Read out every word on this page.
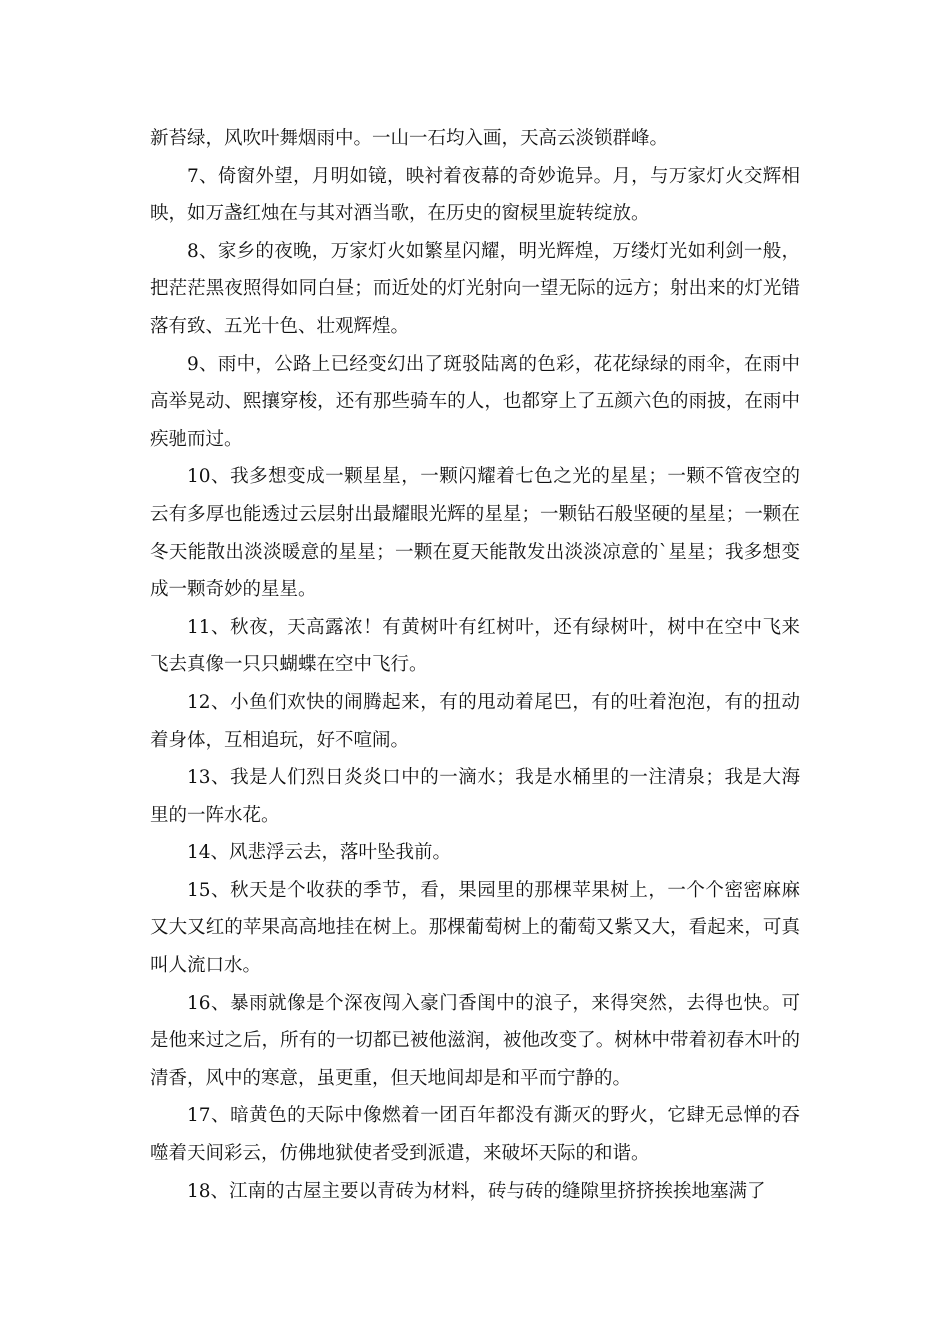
新苔绿，风吹叶舞烟雨中。一山一石均入画，天高云淡锁群峰。

7、倚窗外望，月明如镜，映衬着夜幕的奇妙诡异。月，与万家灯火交辉相映，如万盏红烛在与其对酒当歌，在历史的窗棂里旋转绽放。

8、家乡的夜晚，万家灯火如繁星闪耀，明光辉煌，万缕灯光如利剑一般，把茫茫黑夜照得如同白昼；而近处的灯光射向一望无际的远方；射出来的灯光错落有致、五光十色、壮观辉煌。

9、雨中，公路上已经变幻出了斑驳陆离的色彩，花花绿绿的雨伞，在雨中高举晃动、熙攘穿梭，还有那些骑车的人，也都穿上了五颜六色的雨披，在雨中疾驰而过。

10、我多想变成一颗星星，一颗闪耀着七色之光的星星；一颗不管夜空的云有多厚也能透过云层射出最耀眼光辉的星星；一颗钻石般坚硬的星星；一颗在冬天能散出淡淡暖意的星星；一颗在夏天能散发出淡淡凉意的`星星；我多想变成一颗奇妙的星星。

11、秋夜，天高露浓！有黄树叶有红树叶，还有绿树叶，树中在空中飞来飞去真像一只只蝴蝶在空中飞行。

12、小鱼们欢快的闹腾起来，有的甩动着尾巴，有的吐着泡泡，有的扭动着身体，互相追玩，好不喧闹。

13、我是人们烈日炎炎口中的一滴水；我是水桶里的一注清泉；我是大海里的一阵水花。

14、风悲浮云去，落叶坠我前。

15、秋天是个收获的季节，看，果园里的那棵苹果树上，一个个密密麻麻又大又红的苹果高高地挂在树上。那棵葡萄树上的葡萄又紫又大，看起来，可真叫人流口水。

16、暴雨就像是个深夜闯入豪门香闺中的浪子，来得突然，去得也快。可是他来过之后，所有的一切都已被他滋润，被他改变了。树林中带着初春木叶的清香，风中的寒意，虽更重，但天地间却是和平而宁静的。

17、暗黄色的天际中像燃着一团百年都没有澌灭的野火，它肆无忌惮的吞噬着天间彩云，仿佛地狱使者受到派遣，来破坏天际的和谐。

18、江南的古屋主要以青砖为材料，砖与砖的缝隙里挤挤挨挨地塞满了
